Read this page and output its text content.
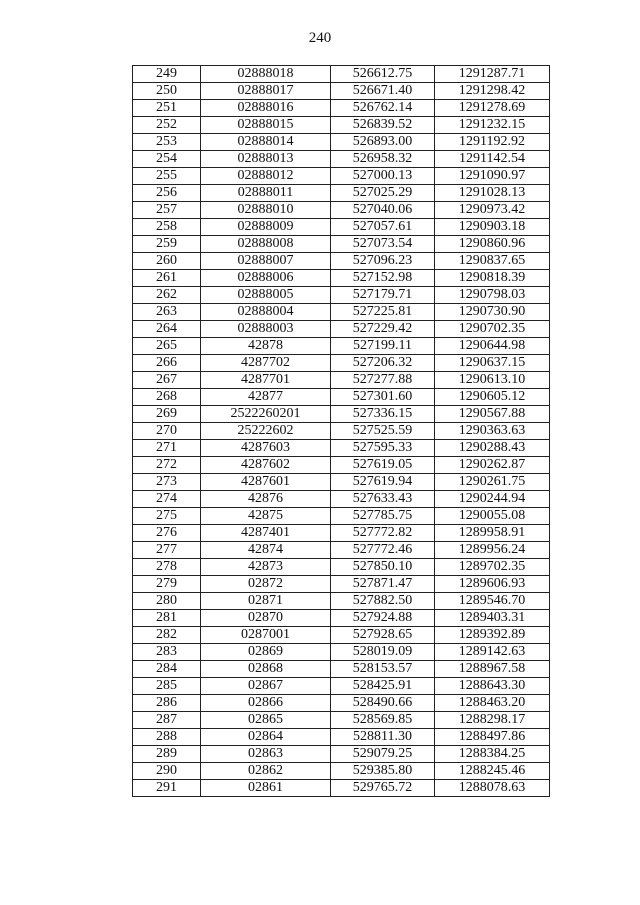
240
249	02888018	526612.75	1291287.71
250	02888017	526671.40	1291298.42
251	02888016	526762.14	1291278.69
252	02888015	526839.52	1291232.15
253	02888014	526893.00	1291192.92
254	02888013	526958.32	1291142.54
255	02888012	527000.13	1291090.97
256	02888011	527025.29	1291028.13
257	02888010	527040.06	1290973.42
258	02888009	527057.61	1290903.18
259	02888008	527073.54	1290860.96
260	02888007	527096.23	1290837.65
261	02888006	527152.98	1290818.39
262	02888005	527179.71	1290798.03
263	02888004	527225.81	1290730.90
264	02888003	527229.42	1290702.35
265	42878	527199.11	1290644.98
266	4287702	527206.32	1290637.15
267	4287701	527277.88	1290613.10
268	42877	527301.60	1290605.12
269	2522260201	527336.15	1290567.88
270	25222602	527525.59	1290363.63
271	4287603	527595.33	1290288.43
272	4287602	527619.05	1290262.87
273	4287601	527619.94	1290261.75
274	42876	527633.43	1290244.94
275	42875	527785.75	1290055.08
276	4287401	527772.82	1289958.91
277	42874	527772.46	1289956.24
278	42873	527850.10	1289702.35
279	02872	527871.47	1289606.93
280	02871	527882.50	1289546.70
281	02870	527924.88	1289403.31
282	0287001	527928.65	1289392.89
283	02869	528019.09	1289142.63
284	02868	528153.57	1288967.58
285	02867	528425.91	1288643.30
286	02866	528490.66	1288463.20
287	02865	528569.85	1288298.17
288	02864	528811.30	1288497.86
289	02863	529079.25	1288384.25
290	02862	529385.80	1288245.46
291	02861	529765.72	1288078.63
